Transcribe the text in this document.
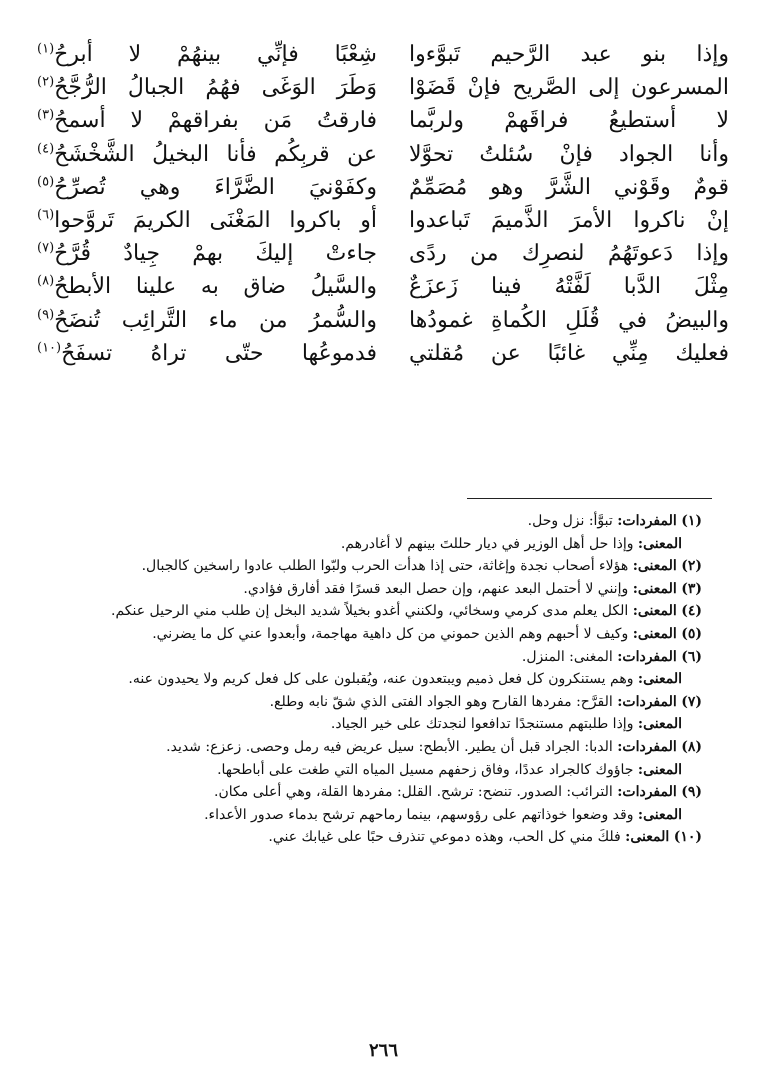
وإذا بنو عبد الرَّحيم تَبوَّءوا
شِعْبًا فإنِّي بينهُمْ لا أبرحُ$^{(١)}$
المسرعون إلى الصَّريح فإنْ قَضَوْا
وَطَرَ الوَغَى فهُمُ الجبالُ الرُّجَّحُ$^{(٢)}$
لا أستطيعُ فراقَهمْ ولربَّما
فارقتُ مَن بفراقهمْ لا أسمحُ$^{(٣)}$
وأنا الجواد فإنْ سُئلتُ تحوَّلا
عن قربِكُم فأنا البخيلُ الشَّخْشَحُ$^{(٤)}$
قومٌ وقَوْني الشَّرَّ وهو مُصَمِّمٌ
وكفَوْنيَ الضَّرَّاءَ وهي تُصرِّحُ$^{(٥)}$
إنْ ناكروا الأمرَ الذَّميمَ تَباعدوا
أو باكروا المَغْنَى الكريمَ تَروَّحوا$^{(٦)}$
وإذا دَعوتَهُمُ لنصرِك من ردًى
جاءتْ إليكَ بهمْ جِيادٌ قُرَّحُ$^{(٧)}$
مِثْلَ الدَّبا لَفَّتْهُ فينا زَعزَعٌ
والسَّيلُ ضاق به علينا الأبطحُ$^{(٨)}$
والبيضُ في قُلَلِ الكُماةِ غمودُها
والسُّمرُ من ماء التَّرائِب تُنضَحُ$^{(٩)}$
فعليك مِنِّي غائبًا عن مُقلتي
فدموعُها حتّى تراهُ تسفَحُ$^{(١٠)}$
(١) المفردات: تبوَّأ: نزل وحل.
المعنى: وإذا حل أهل الوزير في ديار حللتَ بينهم لا أغادرهم.
(٢) المعنى: هؤلاء أصحاب نجدة وإغاثة، حتى إذا هدأت الحرب ولبّوا الطلب عادوا راسخين كالجبال.
(٣) المعنى: وإنني لا أحتمل البعد عنهم، وإن حصل البعد قسرًا فقد أفارق فؤادي.
(٤) المعنى: الكل يعلم مدى كرمي وسخائي، ولكنني أغدو بخيلاً شديد البخل إن طلب مني الرحيل عنكم.
(٥) المعنى: وكيف لا أحبهم وهم الذين حموني من كل داهية مهاجمة، وأبعدوا عني كل ما يضرني.
(٦) المفردات: المغنى: المنزل.
المعنى: وهم يستنكرون كل فعل ذميم ويبتعدون عنه، ويُقبلون على كل فعل كريم ولا يحيدون عنه.
(٧) المفردات: القرَّح: مفردها القارح وهو الجواد الفتى الذي شقّ نابه وطلع.
المعنى: وإذا طلبتهم مستنجدًا تدافعوا لنجدتك على خير الجياد.
(٨) المفردات: الدبا: الجراد قبل أن يطير. الأبطح: سيل عريض فيه رمل وحصى. زعزع: شديد.
المعنى: جاؤوك كالجراد عددًا، وفاق زحفهم مسيل المياه التي طغت على أباطحها.
(٩) المفردات: الترائب: الصدور. تنضح: ترشح. القلل: مفردها القلة، وهي أعلى مكان.
المعنى: وقد وضعوا خوذاتهم على رؤوسهم، بينما رماحهم ترشح بدماء صدور الأعداء.
(١٠) المعنى: فلكَ مني كل الحب، وهذه دموعي تنذرف حبًا على غيابك عني.
٢٦٦
